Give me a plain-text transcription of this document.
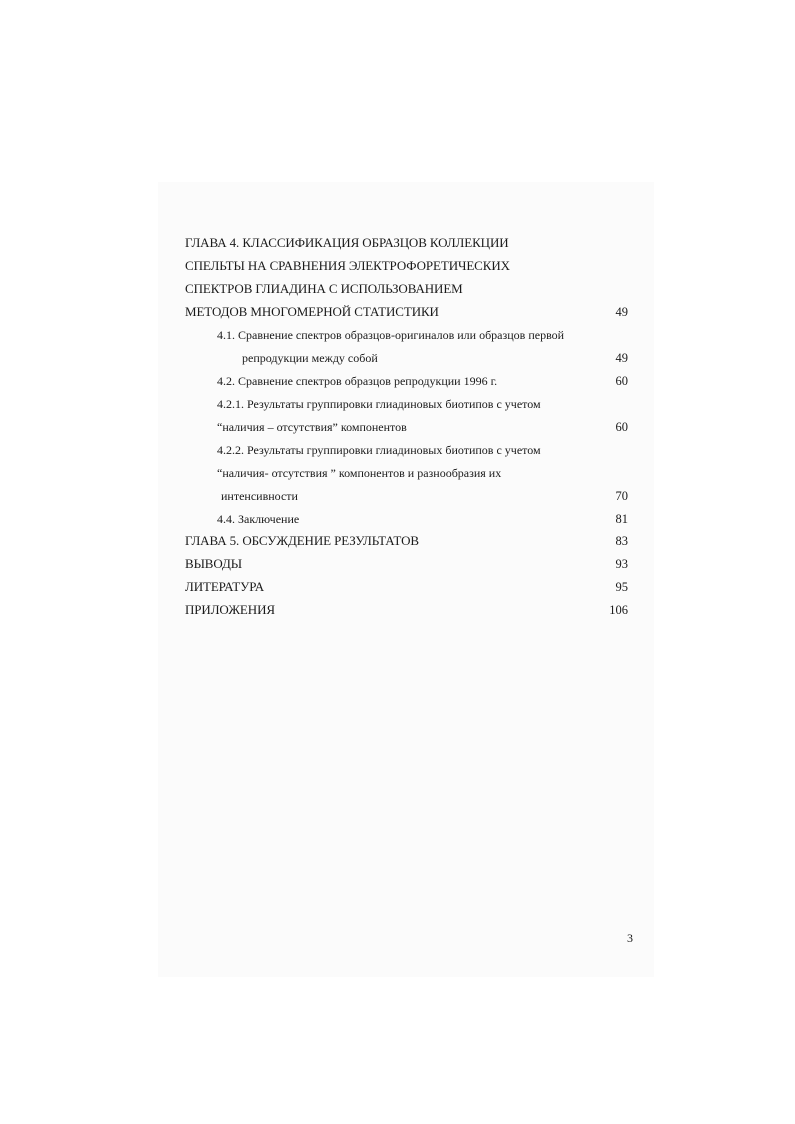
ГЛАВА 4. КЛАССИФИКАЦИЯ ОБРАЗЦОВ КОЛЛЕКЦИИ
СПЕЛЬТЫ НА СРАВНЕНИЯ ЭЛЕКТРОФОРЕТИЧЕСКИХ
СПЕКТРОВ ГЛИАДИНА С ИСПОЛЬЗОВАНИЕМ
МЕТОДОВ МНОГОМЕРНОЙ СТАТИСТИКИ	49
4.1. Сравнение спектров образцов-оригиналов или образцов первой
репродукции между собой	49
4.2. Сравнение спектров образцов репродукции 1996 г.	60
4.2.1. Результаты группировки глиадиновых биотипов с учетом
“наличия – отсутствия” компонентов	60
4.2.2. Результаты группировки глиадиновых биотипов с учетом
“наличия- отсутствия ” компонентов и разнообразия их
интенсивности	70
4.4. Заключение	81
ГЛАВА 5. ОБСУЖДЕНИЕ РЕЗУЛЬТАТОВ	83
ВЫВОДЫ	93
ЛИТЕРАТУРА	95
ПРИЛОЖЕНИЯ	106
3
